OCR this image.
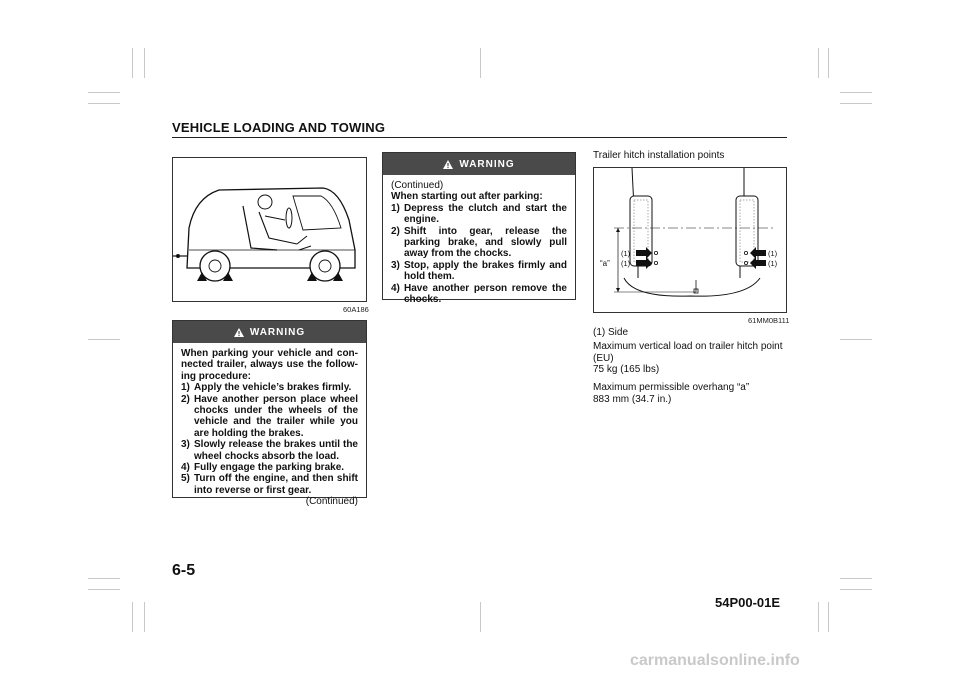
VEHICLE LOADING AND TOWING
60A186
WARNING
When parking your vehicle and con-nected trailer, always use the follow-ing procedure:
1) Apply the vehicle’s brakes firmly.
2) Have another person place wheel chocks under the wheels of the vehicle and the trailer while you are holding the brakes.
3) Slowly release the brakes until the wheel chocks absorb the load.
4) Fully engage the parking brake.
5) Turn off the engine, and then shift into reverse or first gear.
(Continued)
WARNING
(Continued)
When starting out after parking:
1) Depress the clutch and start the engine.
2) Shift into gear, release the parking brake, and slowly pull away from the chocks.
3) Stop, apply the brakes firmly and hold them.
4) Have another person remove the chocks.
Trailer hitch installation points
“a”
(1)
(1)
(1)
(1)
61MM0B111
(1) Side
Maximum vertical load on trailer hitch point (EU)
75 kg (165 lbs)
Maximum permissible overhang “a”
883 mm (34.7 in.)
6-5
54P00-01E
carmanualsonline.info
